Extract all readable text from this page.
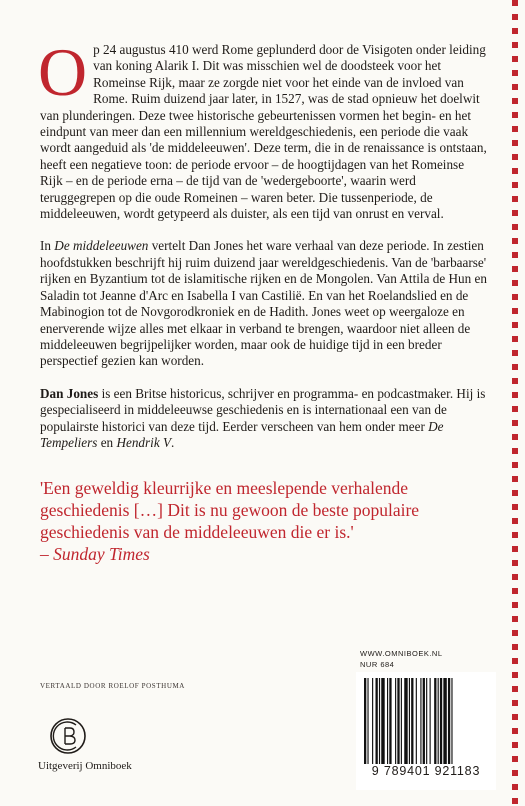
Op 24 augustus 410 werd Rome geplunderd door de Visigoten onder leiding van koning Alarik I. Dit was misschien wel de doodsteek voor het Romeinse Rijk, maar ze zorgde niet voor het einde van de invloed van Rome. Ruim duizend jaar later, in 1527, was de stad opnieuw het doelwit van plunderingen. Deze twee historische gebeurtenissen vormen het begin- en het eindpunt van meer dan een millennium wereldgeschiedenis, een periode die vaak wordt aangeduid als 'de middeleeuwen'. Deze term, die in de renaissance is ontstaan, heeft een negatieve toon: de periode ervoor – de hoogtijdagen van het Romeinse Rijk – en de periode erna – de tijd van de 'wedergeboorte', waarin werd teruggegrepen op die oude Romeinen – waren beter. Die tussenperiode, de middeleeuwen, wordt getypeerd als duister, als een tijd van onrust en verval.

In De middeleeuwen vertelt Dan Jones het ware verhaal van deze periode. In zestien hoofdstukken beschrijft hij ruim duizend jaar wereldgeschiedenis. Van de 'barbaarse' rijken en Byzantium tot de islamitische rijken en de Mongolen. Van Attila de Hun en Saladin tot Jeanne d'Arc en Isabella I van Castilië. En van het Roelandslied en de Mabinogion tot de Novgorodkroniek en de Hadith. Jones weet op weergaloze en enerverende wijze alles met elkaar in verband te brengen, waardoor niet alleen de middeleeuwen begrijpelijker worden, maar ook de huidige tijd in een breder perspectief gezien kan worden.

Dan Jones is een Britse historicus, schrijver en programma- en podcastmaker. Hij is gespecialiseerd in middeleeuwse geschiedenis en is internationaal een van de populairste historici van deze tijd. Eerder verscheen van hem onder meer De Tempeliers en Hendrik V.

'Een geweldig kleurrijke en meeslepende verhalende geschiedenis […] Dit is nu gewoon de beste populaire geschiedenis van de middeleeuwen die er is.'
– Sunday Times

VERTAALD DOOR ROELOF POSTHUMA
Uitgeverij Omniboek
WWW.OMNIBOEK.NL
NUR 684
9 789401 921183
